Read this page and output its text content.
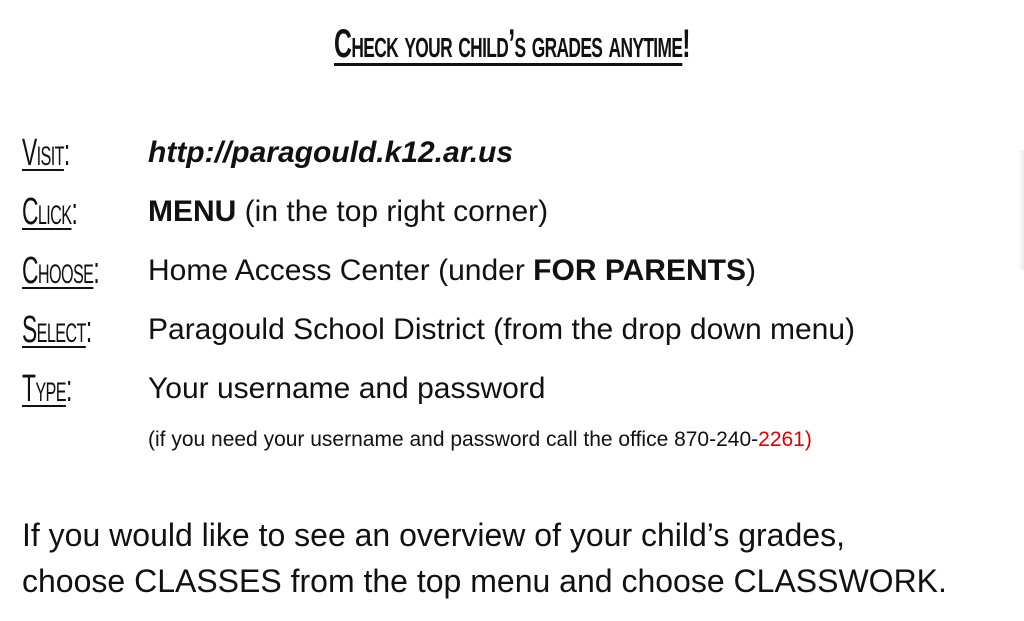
Check your child’s grades anytime!
Visit:	http://paragould.k12.ar.us
Click: MENU (in the top right corner)
Choose: Home Access Center (under FOR PARENTS)
Select: Paragould School District (from the drop down menu)
Type:	Your username and password
(if you need your username and password call the office 870-240-2261)
If you would like to see an overview of your child’s grades,
choose CLASSES from the top menu and choose CLASSWORK.
